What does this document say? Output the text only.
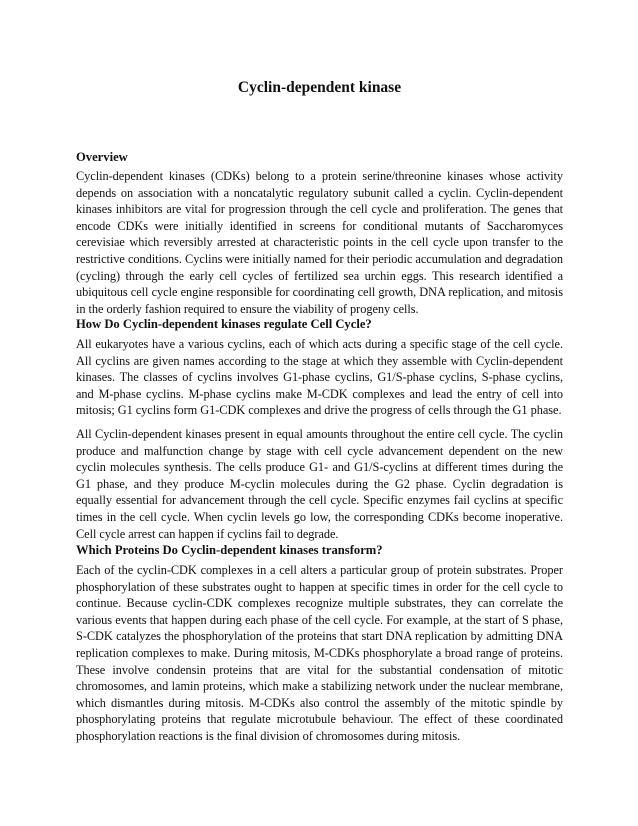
Cyclin-dependent kinase
Overview

Cyclin-dependent kinases (CDKs) belong to a protein serine/threonine kinases whose activity depends on association with a noncatalytic regulatory subunit called a cyclin. Cyclin-dependent kinases inhibitors are vital for progression through the cell cycle and proliferation. The genes that encode CDKs were initially identified in screens for conditional mutants of Saccharomyces cerevisiae which reversibly arrested at characteristic points in the cell cycle upon transfer to the restrictive conditions. Cyclins were initially named for their periodic accumulation and degradation (cycling) through the early cell cycles of fertilized sea urchin eggs. This research identified a ubiquitous cell cycle engine responsible for coordinating cell growth, DNA replication, and mitosis in the orderly fashion required to ensure the viability of progeny cells.

How Do Cyclin-dependent kinases regulate Cell Cycle?

All eukaryotes have a various cyclins, each of which acts during a specific stage of the cell cycle. All cyclins are given names according to the stage at which they assemble with Cyclin-dependent kinases. The classes of cyclins involves G1-phase cyclins, G1/S-phase cyclins, S-phase cyclins, and M-phase cyclins. M-phase cyclins make M-CDK complexes and lead the entry of cell into mitosis; G1 cyclins form G1-CDK complexes and drive the progress of cells through the G1 phase.

All Cyclin-dependent kinases present in equal amounts throughout the entire cell cycle. The cyclin produce and malfunction change by stage with cell cycle advancement dependent on the new cyclin molecules synthesis. The cells produce G1- and G1/S-cyclins at different times during the G1 phase, and they produce M-cyclin molecules during the G2 phase. Cyclin degradation is equally essential for advancement through the cell cycle. Specific enzymes fail cyclins at specific times in the cell cycle. When cyclin levels go low, the corresponding CDKs become inoperative. Cell cycle arrest can happen if cyclins fail to degrade.

Which Proteins Do Cyclin-dependent kinases transform?

Each of the cyclin-CDK complexes in a cell alters a particular group of protein substrates. Proper phosphorylation of these substrates ought to happen at specific times in order for the cell cycle to continue. Because cyclin-CDK complexes recognize multiple substrates, they can correlate the various events that happen during each phase of the cell cycle. For example, at the start of S phase, S-CDK catalyzes the phosphorylation of the proteins that start DNA replication by admitting DNA replication complexes to make. During mitosis, M-CDKs phosphorylate a broad range of proteins. These involve condensin proteins that are vital for the substantial condensation of mitotic chromosomes, and lamin proteins, which make a stabilizing network under the nuclear membrane, which dismantles during mitosis. M-CDKs also control the assembly of the mitotic spindle by phosphorylating proteins that regulate microtubule behaviour. The effect of these coordinated phosphorylation reactions is the final division of chromosomes during mitosis.
